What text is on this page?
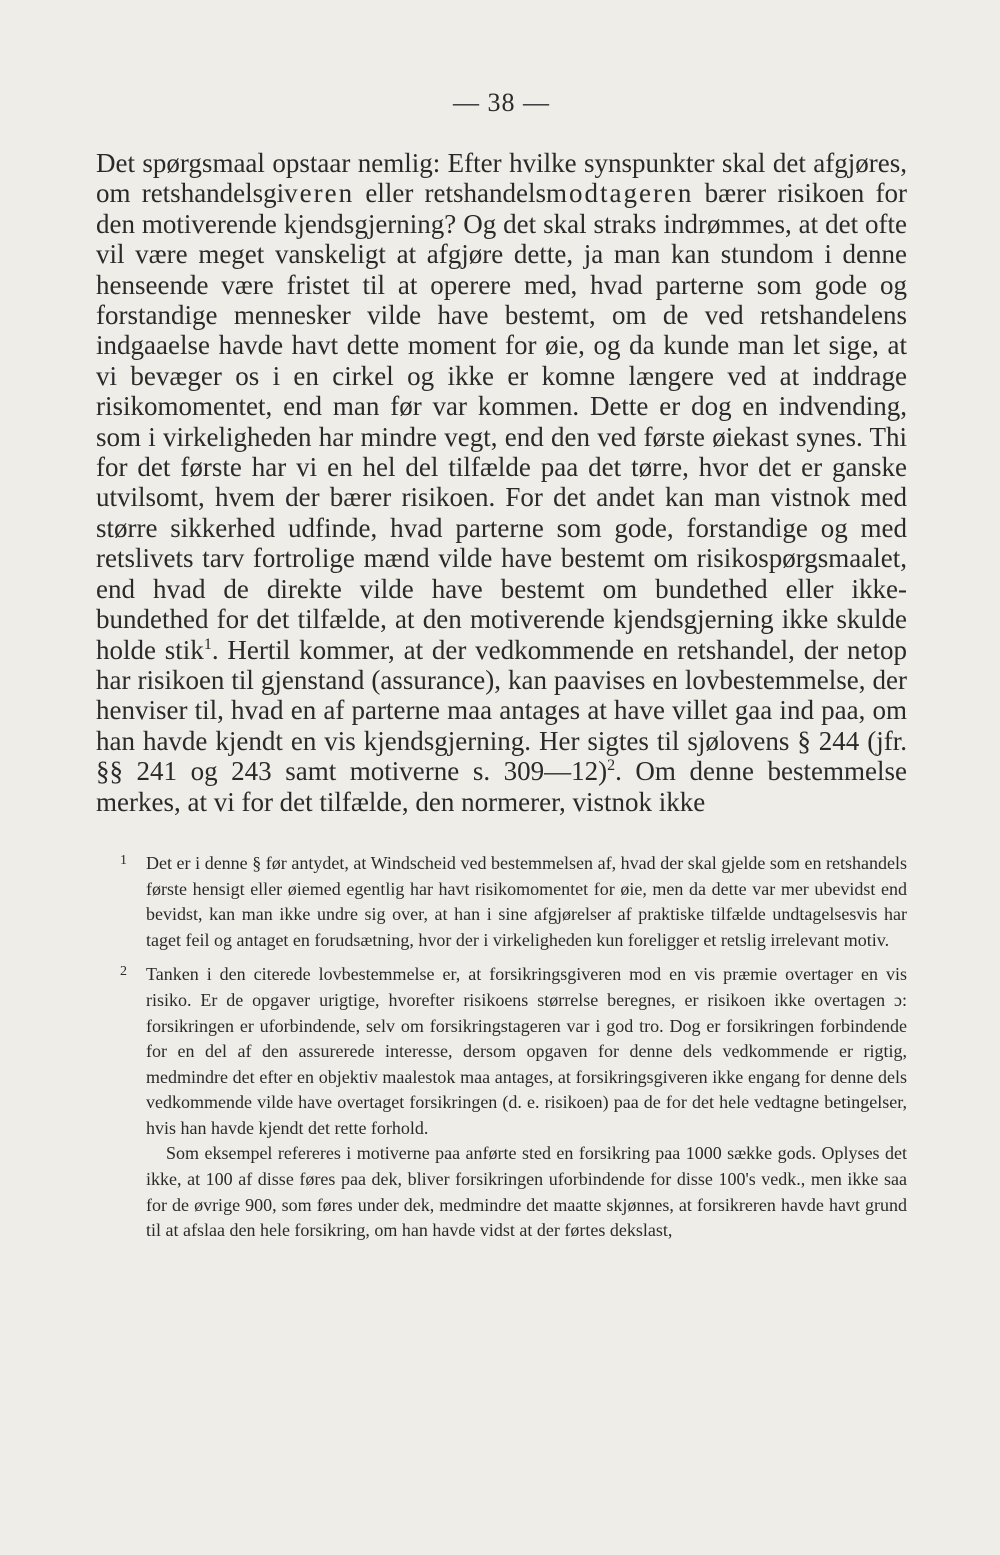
— 38 —

Det spørgsmaal opstaar nemlig: Efter hvilke synspunkter skal det afgjøres, om retshandelsgiveren eller retshandelsmodtageren bærer risikoen for den motiverende kjendsgjerning? Og det skal straks indrømmes, at det ofte vil være meget vanskeligt at afgjøre dette, ja man kan stundom i denne henseende være fristet til at operere med, hvad parterne som gode og forstandige mennesker vilde have bestemt, om de ved retshandelens indgaaelse havde havt dette moment for øie, og da kunde man let sige, at vi bevæger os i en cirkel og ikke er komne længere ved at inddrage risikomomentet, end man før var kommen. Dette er dog en indvending, som i virkeligheden har mindre vegt, end den ved første øiekast synes. Thi for det første har vi en hel del tilfælde paa det tørre, hvor det er ganske utvilsomt, hvem der bærer risikoen. For det andet kan man vistnok med større sikkerhed udfinde, hvad parterne som gode, forstandige og med retslivets tarv fortrolige mænd vilde have bestemt om risikospørgsmaalet, end hvad de direkte vilde have bestemt om bundethed eller ikke-bundethed for det tilfælde, at den motiverende kjendsgjerning ikke skulde holde stik$^1$. Hertil kommer, at der vedkommende en retshandel, der netop har risikoen til gjenstand (assurance), kan paavises en lovbestemmelse, der henviser til, hvad en af parterne maa antages at have villet gaa ind paa, om han havde kjendt en vis kjendsgjerning. Her sigtes til sjølovens § 244 (jfr. §§ 241 og 243 samt motiverne s. 309—12)$^2$. Om denne bestemmelse merkes, at vi for det tilfælde, den normerer, vistnok ikke

1	Det er i denne § før antydet, at Windscheid ved bestemmelsen af, hvad der skal gjelde som en retshandels første hensigt eller øiemed egentlig har havt risikomomentet for øie, men da dette var mer ubevidst end bevidst, kan man ikke undre sig over, at han i sine afgjørelser af praktiske tilfælde undtagelsesvis har taget feil og antaget en forudsætning, hvor der i virkeligheden kun foreligger et retslig irrelevant motiv.

2	Tanken i den citerede lovbestemmelse er, at forsikringsgiveren mod en vis præmie overtager en vis risiko. Er de opgaver urigtige, hvorefter risikoens størrelse beregnes, er risikoen ikke overtagen ɔ: forsikringen er uforbindende, selv om forsikringstageren var i god tro. Dog er forsikringen forbindende for en del af den assurerede interesse, dersom opgaven for denne dels vedkommende er rigtig, medmindre det efter en objektiv maalestok maa antages, at forsikringsgiveren ikke engang for denne dels vedkommende vilde have overtaget forsikringen (d. e. risikoen) paa de for det hele vedtagne betingelser, hvis han havde kjendt det rette forhold.

Som eksempel refereres i motiverne paa anførte sted en forsikring paa 1000 sække gods. Oplyses det ikke, at 100 af disse føres paa dek, bliver forsikringen uforbindende for disse 100's vedk., men ikke saa for de øvrige 900, som føres under dek, medmindre det maatte skjønnes, at forsikreren havde havt grund til at afslaa den hele forsikring, om han havde vidst at der førtes dekslast,
